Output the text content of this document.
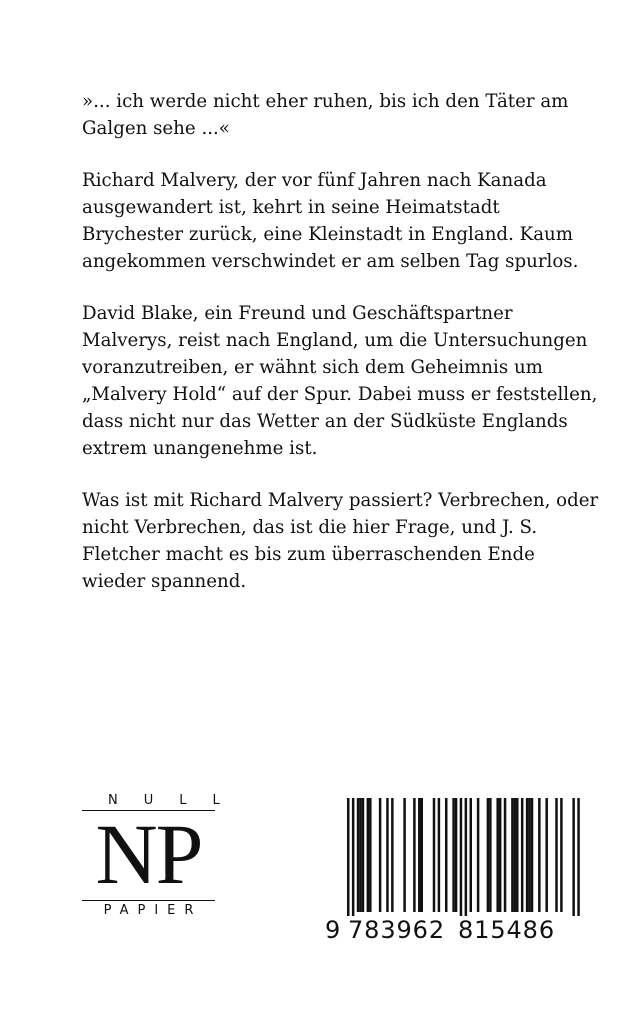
»... ich werde nicht eher ruhen, bis ich den Täter am Galgen sehe ...«

Richard Malvery, der vor fünf Jahren nach Kanada ausgewandert ist, kehrt in seine Heimatstadt Brychester zurück, eine Kleinstadt in England. Kaum angekommen verschwindet er am selben Tag spurlos.

David Blake, ein Freund und Geschäftspartner Malverys, reist nach England, um die Untersuchungen voranzutreiben, er wähnt sich dem Geheimnis um „Malvery Hold“ auf der Spur. Dabei muss er feststellen, dass nicht nur das Wetter an der Südküste Englands extrem unangenehme ist.

Was ist mit Richard Malvery passiert? Verbrechen, oder nicht Verbrechen, das ist die hier Frage, und J. S. Fletcher macht es bis zum überraschenden Ende wieder spannend.

NULL
NP
PAPIER
9 783962 815486
